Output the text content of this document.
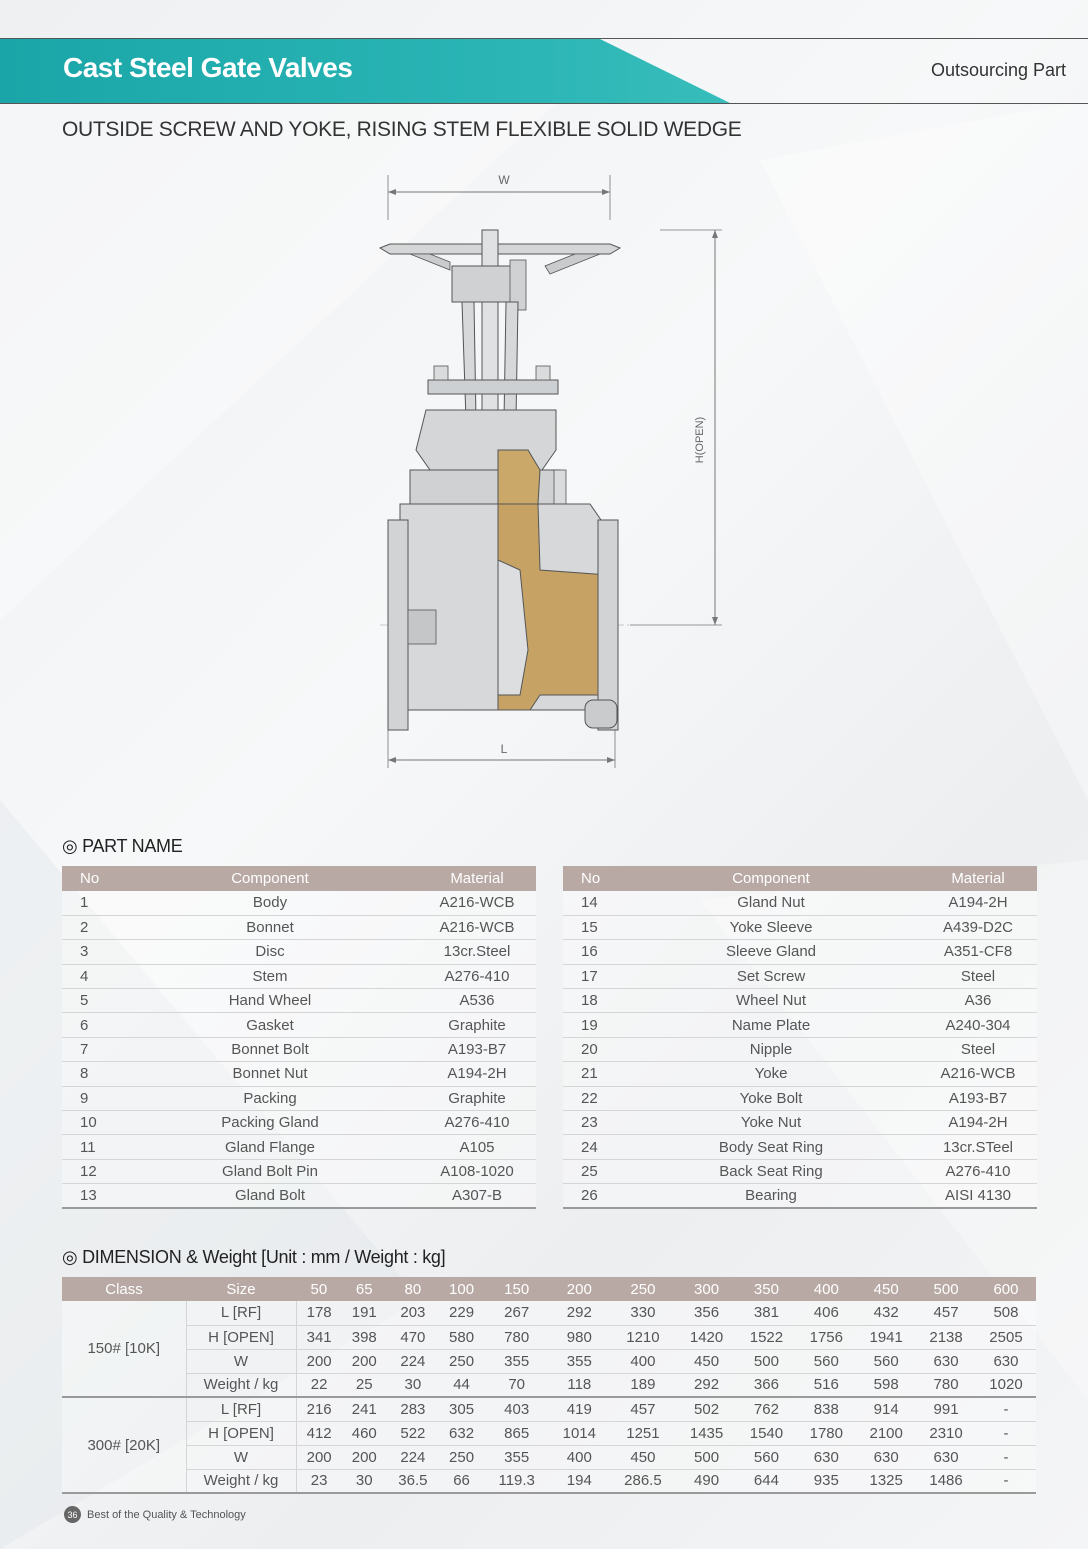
Cast Steel Gate Valves	Outsourcing Part
OUTSIDE SCREW AND YOKE, RISING STEM FLEXIBLE SOLID WEDGE
W
H(OPEN)
L
◎ PART NAME
No	Component	Material
1	Body	A216-WCB
2	Bonnet	A216-WCB
3	Disc	13cr.Steel
4	Stem	A276-410
5	Hand Wheel	A536
6	Gasket	Graphite
7	Bonnet Bolt	A193-B7
8	Bonnet Nut	A194-2H
9	Packing	Graphite
10	Packing Gland	A276-410
11	Gland Flange	A105
12	Gland Bolt Pin	A108-1020
13	Gland Bolt	A307-B
No	Component	Material
14	Gland Nut	A194-2H
15	Yoke Sleeve	A439-D2C
16	Sleeve Gland	A351-CF8
17	Set Screw	Steel
18	Wheel Nut	A36
19	Name Plate	A240-304
20	Nipple	Steel
21	Yoke	A216-WCB
22	Yoke Bolt	A193-B7
23	Yoke Nut	A194-2H
24	Body Seat Ring	13cr.STeel
25	Back Seat Ring	A276-410
26	Bearing	AISI 4130
◎ DIMENSION & Weight [Unit : mm / Weight : kg]
Class	Size	50	65	80	100	150	200	250	300	350	400	450	500	600
150# [10K]	L [RF]	178	191	203	229	267	292	330	356	381	406	432	457	508
	H [OPEN]	341	398	470	580	780	980	1210	1420	1522	1756	1941	2138	2505
	W	200	200	224	250	355	355	400	450	500	560	560	630	630
	Weight / kg	22	25	30	44	70	118	189	292	366	516	598	780	1020
300# [20K]	L [RF]	216	241	283	305	403	419	457	502	762	838	914	991	-
	H [OPEN]	412	460	522	632	865	1014	1251	1435	1540	1780	2100	2310	-
	W	200	200	224	250	355	400	450	500	560	630	630	630	-
	Weight / kg	23	30	36.5	66	119.3	194	286.5	490	644	935	1325	1486	-
36 Best of the Quality & Technology
